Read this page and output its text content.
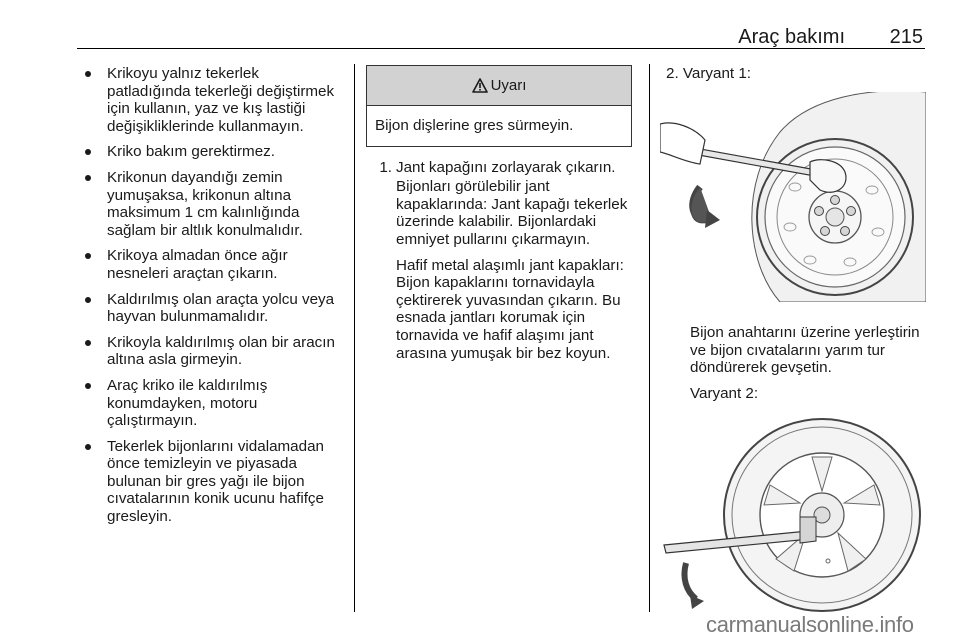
Araç bakımı 215
Krikoyu yalnız tekerlek patladığında tekerleği değiştirmek için kullanın, yaz ve kış lastiği değişikliklerinde kullanmayın.
Kriko bakım gerektirmez.
Krikonun dayandığı zemin yumuşaksa, krikonun altına maksimum 1 cm kalınlığında sağlam bir altlık konulmalıdır.
Krikoya almadan önce ağır nesneleri araçtan çıkarın.
Kaldırılmış olan araçta yolcu veya hayvan bulunmamalıdır.
Krikoyla kaldırılmış olan bir aracın altına asla girmeyin.
Araç kriko ile kaldırılmış konumdayken, motoru çalıştırmayın.
Tekerlek bijonlarını vidalamadan önce temizleyin ve piyasada bulunan bir gres yağı ile bijon cıvatalarının konik ucunu hafifçe gresleyin.
Uyarı
Bijon dişlerine gres sürmeyin.
1. Jant kapağını zorlayarak çıkarın.
Bijonları görülebilir jant kapaklarında: Jant kapağı tekerlek üzerinde kalabilir. Bijonlardaki emniyet pullarını çıkarmayın.
Hafif metal alaşımlı jant kapakları: Bijon kapaklarını tornavidayla çektirerek yuvasından çıkarın. Bu esnada jantları korumak için tornavida ve hafif alaşımı jant arasına yumuşak bir bez koyun.
2. Varyant 1:
Bijon anahtarını üzerine yerleştirin ve bijon cıvatalarını yarım tur döndürerek gevşetin.
Varyant 2:
carmanualsonline.info
